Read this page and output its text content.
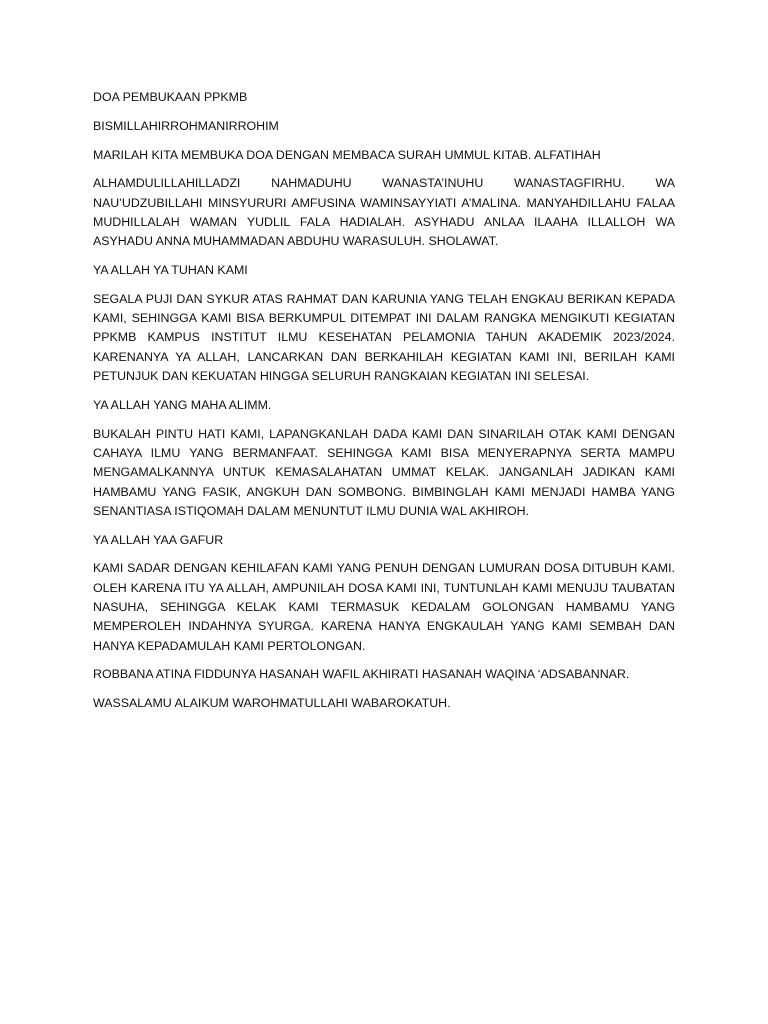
DOA PEMBUKAAN PPKMB

BISMILLAHIRROHMANIRROHIM

MARILAH KITA MEMBUKA DOA DENGAN MEMBACA SURAH UMMUL KITAB. ALFATIHAH

ALHAMDULILLAHILLADZI NAHMADUHU WANASTA’INUHU WANASTAGFIRHU. WA NAU’UDZUBILLAHI MINSYURURI AMFUSINA WAMINSAYYIATI A’MALINA. MANYAHDILLAHU FALAA MUDHILLALAH WAMAN YUDLIL FALA HADIALAH. ASYHADU ANLAA ILAAHA ILLALLOH WA ASYHADU ANNA MUHAMMADAN ABDUHU WARASULUH. SHOLAWAT.

YA ALLAH YA TUHAN KAMI

SEGALA PUJI DAN SYKUR ATAS RAHMAT DAN KARUNIA YANG TELAH ENGKAU BERIKAN KEPADA KAMI, SEHINGGA KAMI BISA BERKUMPUL DITEMPAT INI DALAM RANGKA MENGIKUTI KEGIATAN PPKMB KAMPUS INSTITUT ILMU KESEHATAN PELAMONIA TAHUN AKADEMIK 2023/2024. KARENANYA YA ALLAH, LANCARKAN DAN BERKAHILAH KEGIATAN KAMI INI, BERILAH KAMI PETUNJUK DAN KEKUATAN HINGGA SELURUH RANGKAIAN KEGIATAN INI SELESAI.

YA ALLAH YANG MAHA ALIMM.

BUKALAH PINTU HATI KAMI, LAPANGKANLAH DADA KAMI DAN SINARILAH OTAK KAMI DENGAN CAHAYA ILMU YANG BERMANFAAT. SEHINGGA KAMI BISA MENYERAPNYA SERTA MAMPU MENGAMALKANNYA UNTUK KEMASALAHATAN UMMAT KELAK. JANGANLAH JADIKAN KAMI HAMBAMU YANG FASIK, ANGKUH DAN SOMBONG. BIMBINGLAH KAMI MENJADI HAMBA YANG SENANTIASA ISTIQOMAH DALAM MENUNTUT ILMU DUNIA WAL AKHIROH.

YA ALLAH YAA GAFUR

KAMI SADAR DENGAN KEHILAFAN KAMI YANG PENUH DENGAN LUMURAN DOSA DITUBUH KAMI. OLEH KARENA ITU YA ALLAH, AMPUNILAH DOSA KAMI INI, TUNTUNLAH KAMI MENUJU TAUBATAN NASUHA, SEHINGGA KELAK KAMI TERMASUK KEDALAM GOLONGAN HAMBAMU YANG MEMPEROLEH INDAHNYA SYURGA. KARENA HANYA ENGKAULAH YANG KAMI SEMBAH DAN HANYA KEPADAMULAH KAMI PERTOLONGAN.

ROBBANA ATINA FIDDUNYA HASANAH WAFIL AKHIRATI HASANAH WAQINA ‘ADSABANNAR.

WASSALAMU ALAIKUM WAROHMATULLAHI WABAROKATUH.
